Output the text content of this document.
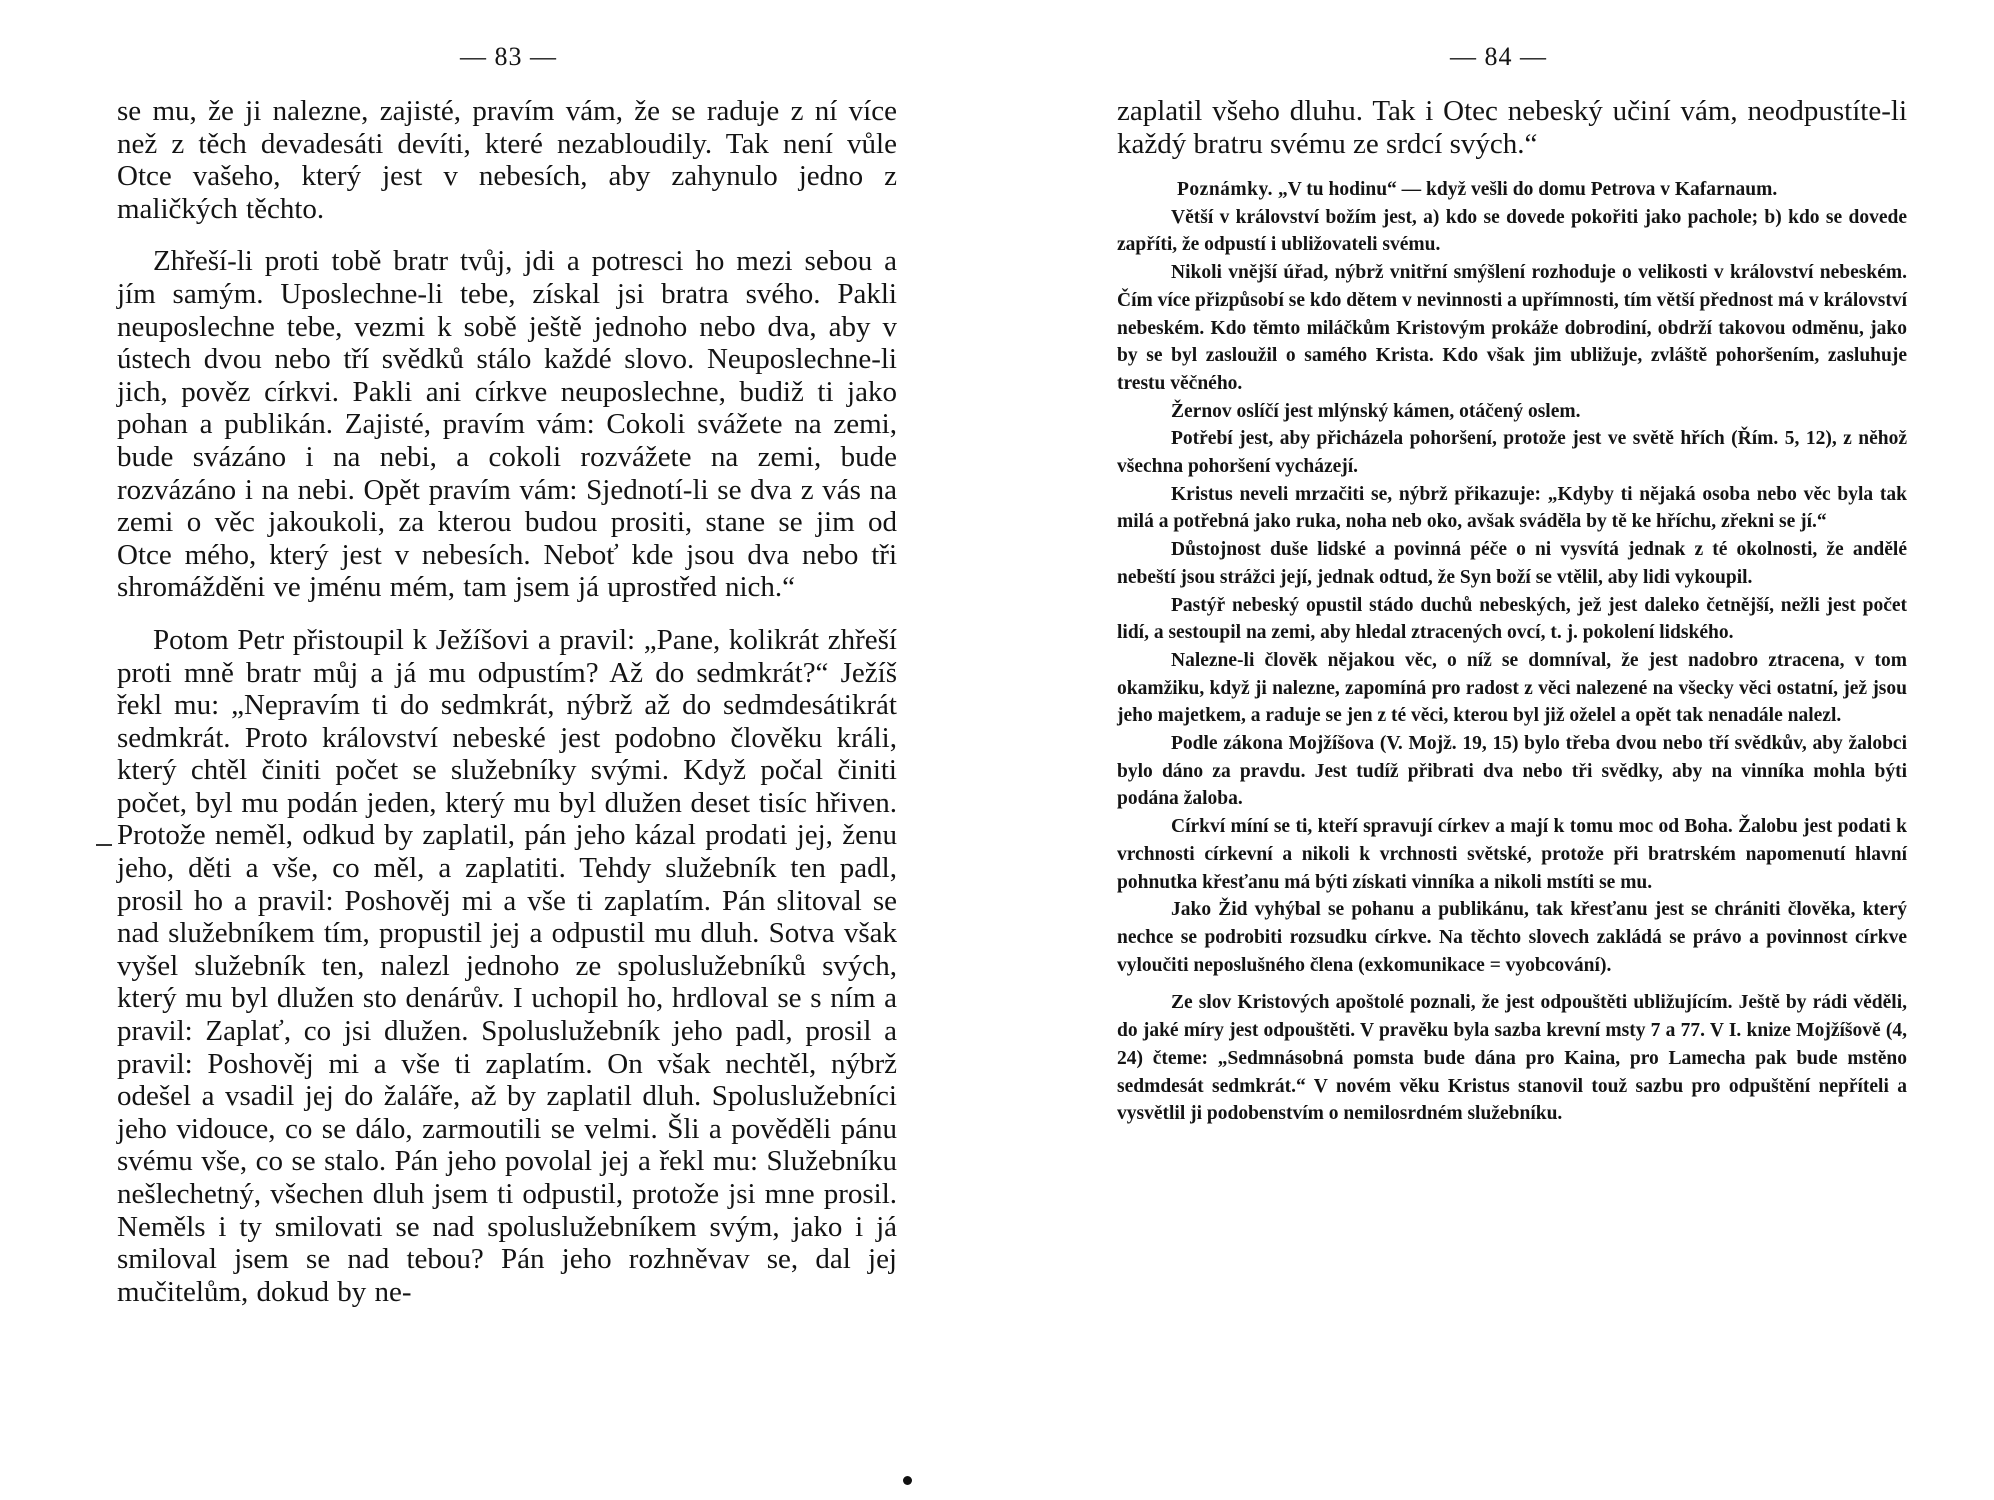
— 83 —

se mu, že ji nalezne, zajisté, pravím vám, že se raduje z ní více než z těch devadesáti devíti, které nezabloudily. Tak není vůle Otce vašeho, který jest v nebesích, aby zahynulo jedno z maličkých těchto.

Zhřeší-li proti tobě bratr tvůj, jdi a potresci ho mezi sebou a jím samým. Uposlechne-li tebe, získal jsi bratra svého. Pakli neuposlechne tebe, vezmi k sobě ještě jednoho nebo dva, aby v ústech dvou nebo tří svědků stálo každé slovo. Neuposlechne-li jich, pověz církvi. Pakli ani církve neuposlechne, budiž ti jako pohan a publikán. Zajisté, pravím vám: Cokoli svážete na zemi, bude svázáno i na nebi, a cokoli rozvážete na zemi, bude rozvázáno i na nebi. Opět pravím vám: Sjednotí-li se dva z vás na zemi o věc jakoukoli, za kterou budou prositi, stane se jim od Otce mého, který jest v nebesích. Neboť kde jsou dva nebo tři shromážděni ve jménu mém, tam jsem já uprostřed nich.“

Potom Petr přistoupil k Ježíšovi a pravil: „Pane, kolikrát zhřeší proti mně bratr můj a já mu odpustím? Až do sedmkrát?“ Ježíš řekl mu: „Nepravím ti do sedmkrát, nýbrž až do sedmdesátikrát sedmkrát. Proto království nebeské jest podobno člověku králi, který chtěl činiti počet se služebníky svými. Když počal činiti počet, byl mu podán jeden, který mu byl dlužen deset tisíc hřiven. Protože neměl, odkud by zaplatil, pán jeho kázal prodati jej, ženu jeho, děti a vše, co měl, a zaplatiti. Tehdy služebník ten padl, prosil ho a pravil: Poshověj mi a vše ti zaplatím. Pán slitoval se nad služebníkem tím, propustil jej a odpustil mu dluh. Sotva však vyšel služebník ten, nalezl jednoho ze spoluslužebníků svých, který mu byl dlužen sto denárův. I uchopil ho, hrdloval se s ním a pravil: Zaplať, co jsi dlužen. Spoluslužebník jeho padl, prosil a pravil: Poshověj mi a vše ti zaplatím. On však nechtěl, nýbrž odešel a vsadil jej do žaláře, až by zaplatil dluh. Spoluslužebníci jeho vidouce, co se dálo, zarmoutili se velmi. Šli a pověděli pánu svému vše, co se stalo. Pán jeho povolal jej a řekl mu: Služebníku nešlechetný, všechen dluh jsem ti odpustil, protože jsi mne prosil. Neměls i ty smilovati se nad spoluslužebníkem svým, jako i já smiloval jsem se nad tebou? Pán jeho rozhněvav se, dal jej mučitelům, dokud by ne-

— 84 —

zaplatil všeho dluhu. Tak i Otec nebeský učiní vám, neodpustíte-li každý bratru svému ze srdcí svých.“

Poznámky. „V tu hodinu“ — když vešli do domu Petrova v Kafarnaum.

Větší v království božím jest, a) kdo se dovede pokořiti jako pachole; b) kdo se dovede zapříti, že odpustí i ubližovateli svému.

Nikoli vnější úřad, nýbrž vnitřní smýšlení rozhoduje o velikosti v království nebeském. Čím více přizpůsobí se kdo dětem v nevinnosti a upřímnosti, tím větší přednost má v království nebeském. Kdo těmto miláčkům Kristovým prokáže dobrodiní, obdrží takovou odměnu, jako by se byl zasloužil o samého Krista. Kdo však jim ubližuje, zvláště pohoršením, zasluhuje trestu věčného.

Žernov oslíčí jest mlýnský kámen, otáčený oslem.

Potřebí jest, aby přicházela pohoršení, protože jest ve světě hřích (Řím. 5, 12), z něhož všechna pohoršení vycházejí.

Kristus neveli mrzačiti se, nýbrž přikazuje: „Kdyby ti nějaká osoba nebo věc byla tak milá a potřebná jako ruka, noha neb oko, avšak sváděla by tě ke hříchu, zřekni se jí.“

Důstojnost duše lidské a povinná péče o ni vysvítá jednak z té okolnosti, že andělé nebeští jsou strážci její, jednak odtud, že Syn boží se vtělil, aby lidi vykoupil.

Pastýř nebeský opustil stádo duchů nebeských, jež jest daleko četnější, nežli jest počet lidí, a sestoupil na zemi, aby hledal ztracených ovcí, t. j. pokolení lidského.

Nalezne-li člověk nějakou věc, o níž se domníval, že jest nadobro ztracena, v tom okamžiku, když ji nalezne, zapomíná pro radost z věci nalezené na všecky věci ostatní, jež jsou jeho majetkem, a raduje se jen z té věci, kterou byl již oželel a opět tak nenadále nalezl.

Podle zákona Mojžíšova (V. Mojž. 19, 15) bylo třeba dvou nebo tří svědkův, aby žalobci bylo dáno za pravdu. Jest tudíž přibrati dva nebo tři svědky, aby na vinníka mohla býti podána žaloba.

Církví míní se ti, kteří spravují církev a mají k tomu moc od Boha. Žalobu jest podati k vrchnosti církevní a nikoli k vrchnosti světské, protože při bratrském napomenutí hlavní pohnutka křesťanu má býti získati vinníka a nikoli mstíti se mu.

Jako Žid vyhýbal se pohanu a publikánu, tak křesťanu jest se chrániti člověka, který nechce se podrobiti rozsudku církve. Na těchto slovech zakládá se právo a povinnost církve vyloučiti neposlušného člena (exkomunikace = vyobcování).

Ze slov Kristových apoštolé poznali, že jest odpouštěti ubližujícím. Ještě by rádi věděli, do jaké míry jest odpouštěti. V pravěku byla sazba krevní msty 7 a 77. V I. knize Mojžíšově (4, 24) čteme: „Sedmnásobná pomsta bude dána pro Kaina, pro Lamecha pak bude mstěno sedmdesát sedmkrát.“ V novém věku Kristus stanovil touž sazbu pro odpuštění nepříteli a vysvětlil ji podobenstvím o nemilosrdném služebníku.
